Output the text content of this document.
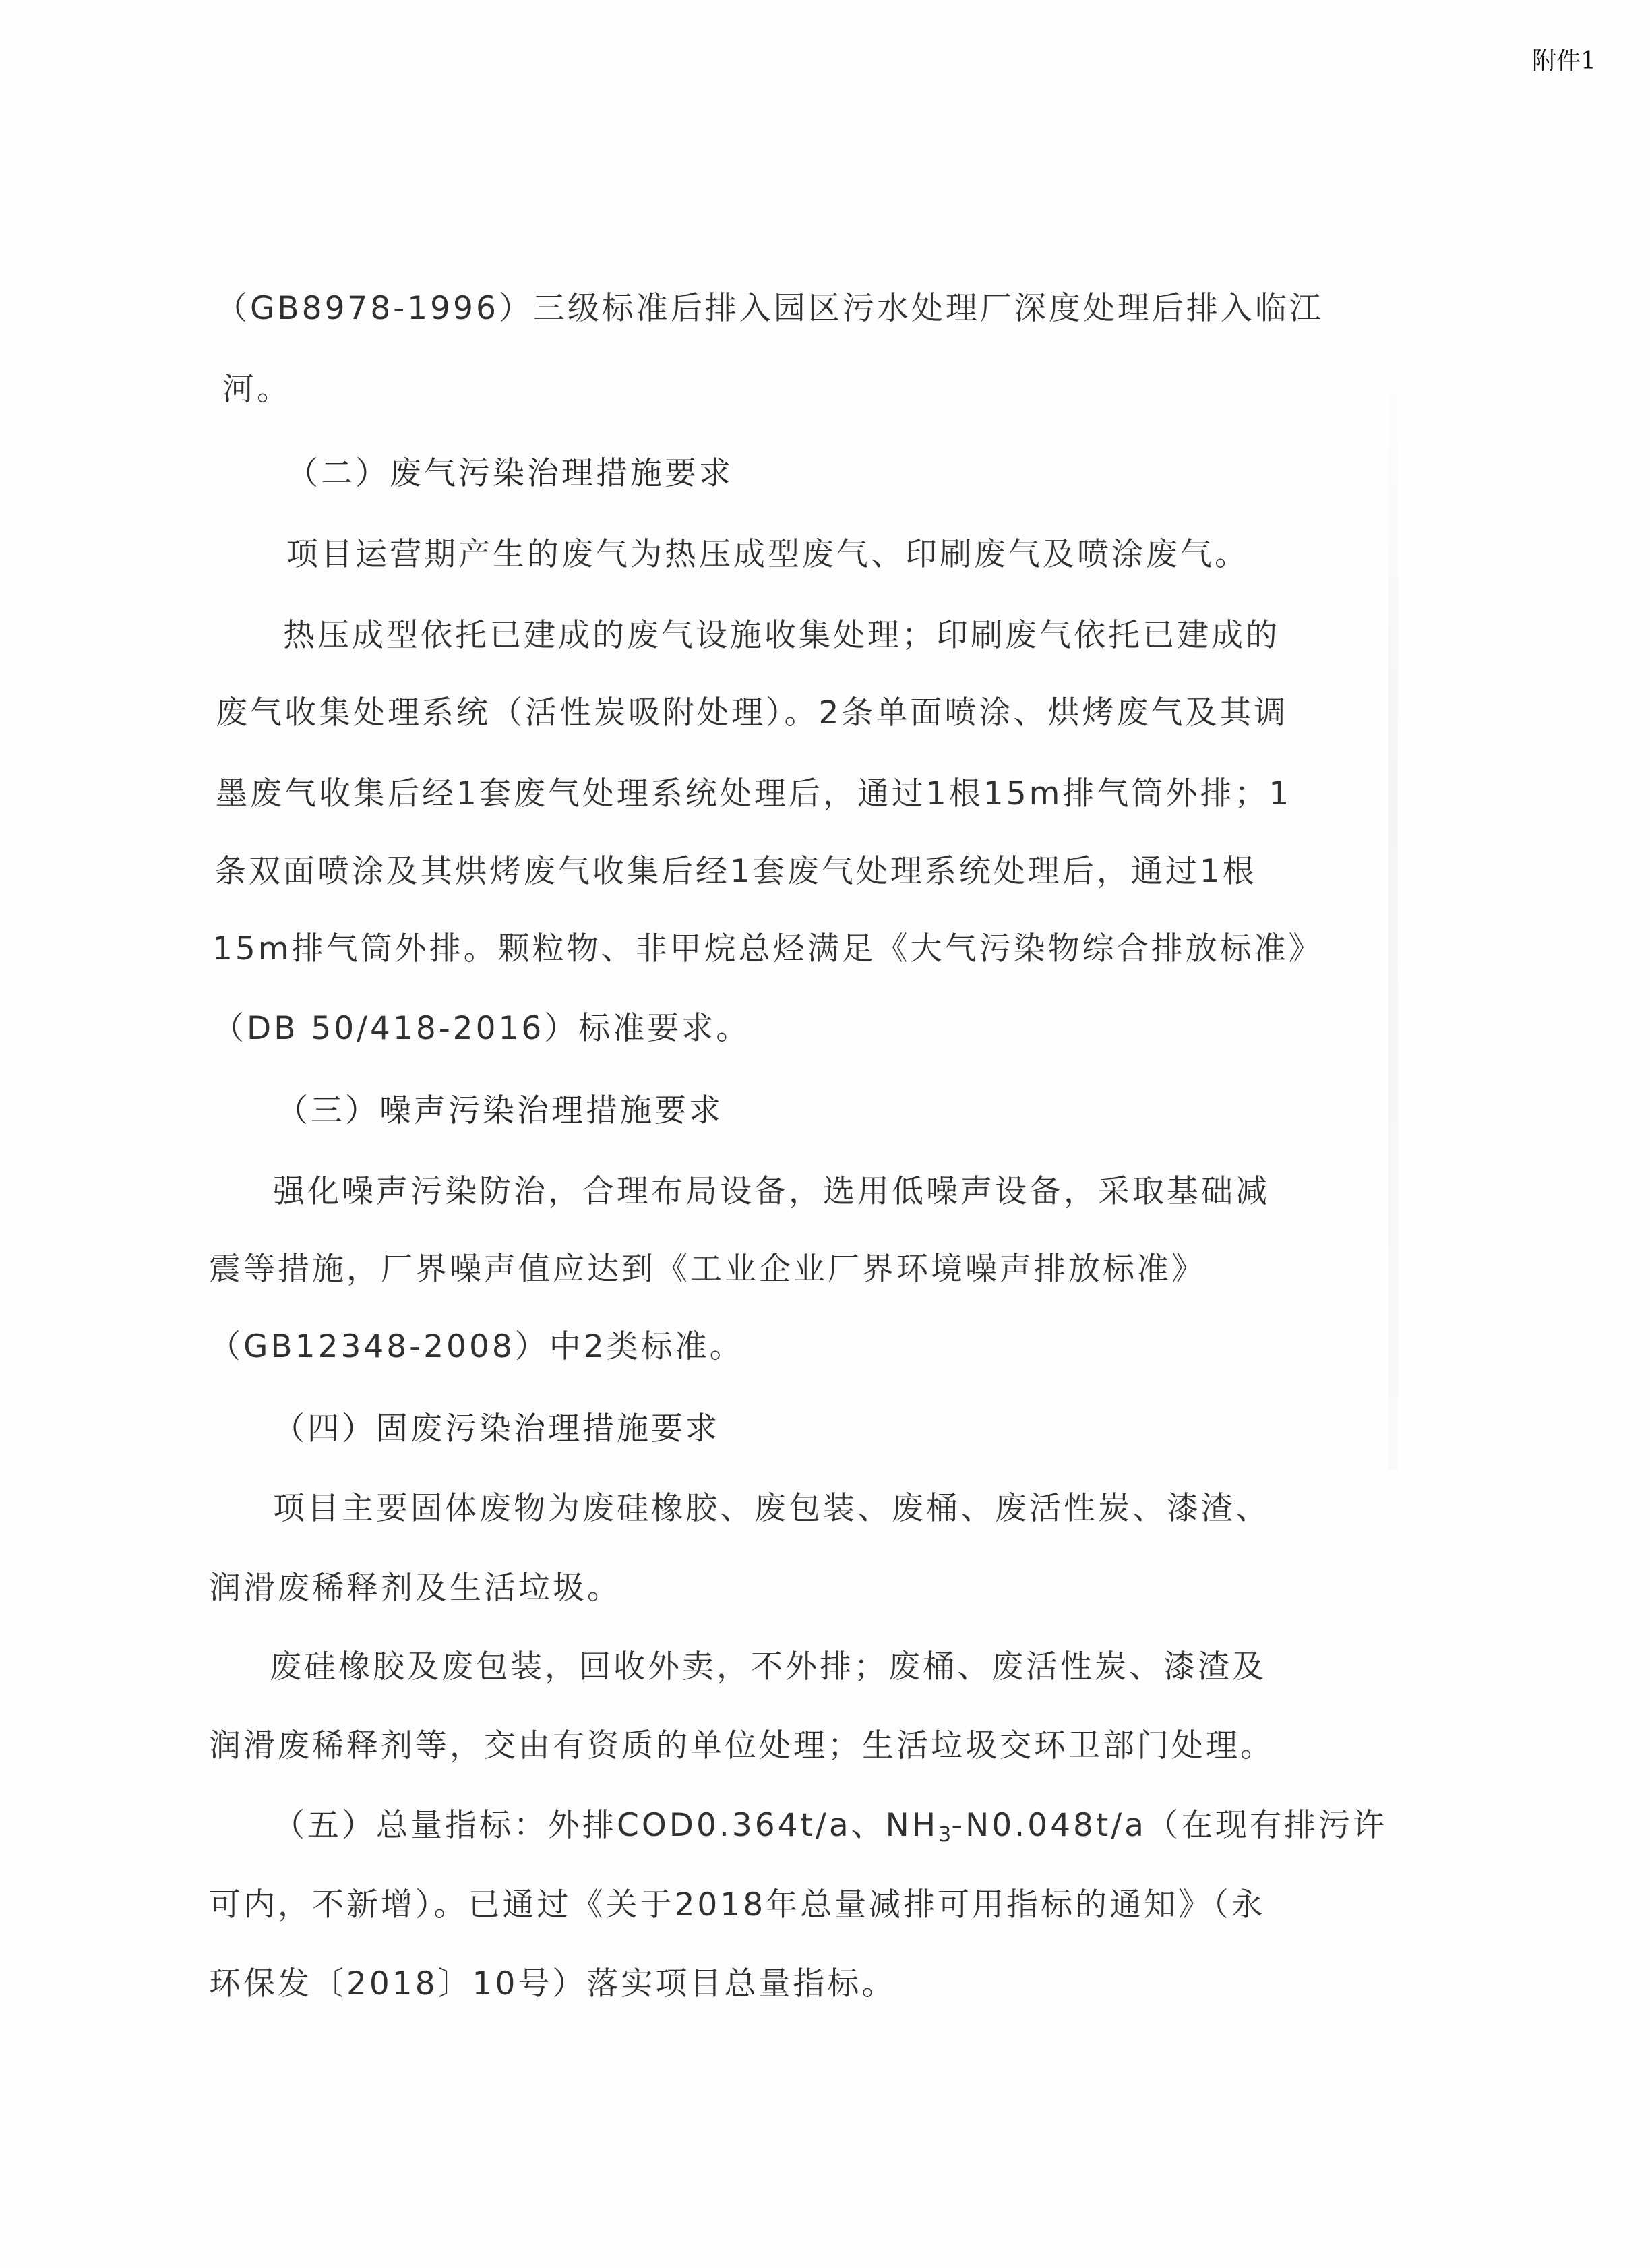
附件1
（GB8978-1996）三级标准后排入园区污水处理厂深度处理后排入临江
河。
（二）废气污染治理措施要求
项目运营期产生的废气为热压成型废气、印刷废气及喷涂废气。
热压成型依托已建成的废气设施收集处理；印刷废气依托已建成的
废气收集处理系统（活性炭吸附处理）。2条单面喷涂、烘烤废气及其调
墨废气收集后经1套废气处理系统处理后，通过1根15m排气筒外排；1
条双面喷涂及其烘烤废气收集后经1套废气处理系统处理后，通过1根
15m排气筒外排。颗粒物、非甲烷总烃满足《大气污染物综合排放标准》
（DB 50/418-2016）标准要求。
（三）噪声污染治理措施要求
强化噪声污染防治，合理布局设备，选用低噪声设备，采取基础减
震等措施，厂界噪声值应达到《工业企业厂界环境噪声排放标准》
（GB12348-2008）中2类标准。
（四）固废污染治理措施要求
项目主要固体废物为废硅橡胶、废包装、废桶、废活性炭、漆渣、
润滑废稀释剂及生活垃圾。
废硅橡胶及废包装，回收外卖，不外排；废桶、废活性炭、漆渣及
润滑废稀释剂等，交由有资质的单位处理；生活垃圾交环卫部门处理。
（五）总量指标：外排COD0.364t/a、$NH_3-N0.048t/a$（在现有排污许
可内，不新增）。已通过《关于2018年总量减排可用指标的通知》（永
环保发〔2018〕10号）落实项目总量指标。
